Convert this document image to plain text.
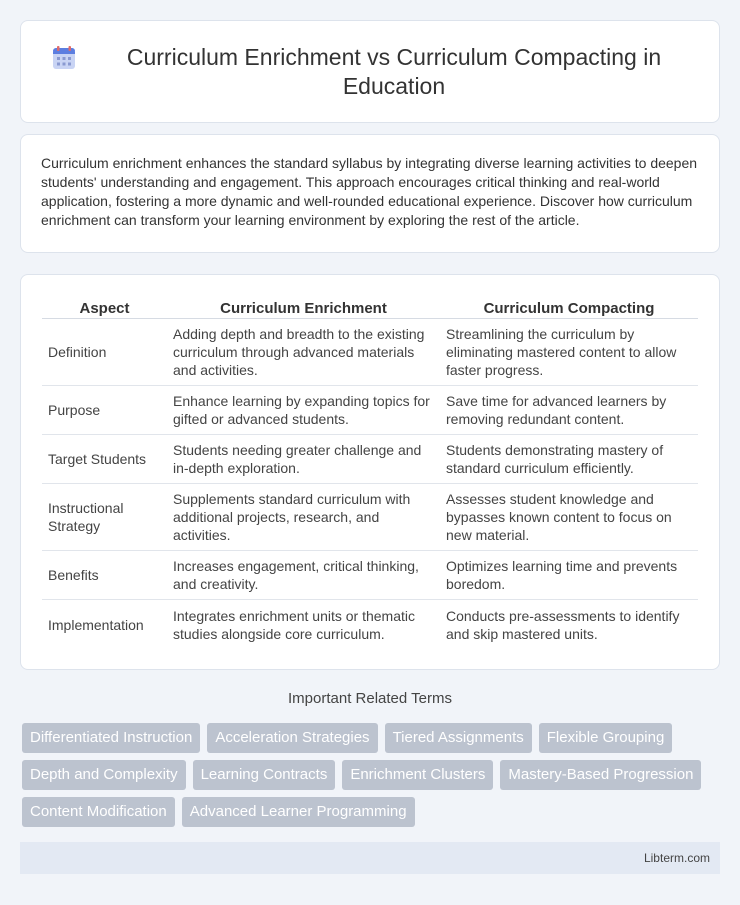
Curriculum Enrichment vs Curriculum Compacting in Education

Curriculum enrichment enhances the standard syllabus by integrating diverse learning activities to deepen students' understanding and engagement. This approach encourages critical thinking and real-world application, fostering a more dynamic and well-rounded educational experience. Discover how curriculum enrichment can transform your learning environment by exploring the rest of the article.

Aspect	Curriculum Enrichment	Curriculum Compacting
Definition	Adding depth and breadth to the existing curriculum through advanced materials and activities.	Streamlining the curriculum by eliminating mastered content to allow faster progress.
Purpose	Enhance learning by expanding topics for gifted or advanced students.	Save time for advanced learners by removing redundant content.
Target Students	Students needing greater challenge and in-depth exploration.	Students demonstrating mastery of standard curriculum efficiently.
Instructional Strategy	Supplements standard curriculum with additional projects, research, and activities.	Assesses student knowledge and bypasses known content to focus on new material.
Benefits	Increases engagement, critical thinking, and creativity.	Optimizes learning time and prevents boredom.
Implementation	Integrates enrichment units or thematic studies alongside core curriculum.	Conducts pre-assessments to identify and skip mastered units.
Important Related Terms
Differentiated Instruction	Acceleration Strategies	Tiered Assignments	Flexible Grouping
Depth and Complexity	Learning Contracts	Enrichment Clusters	Mastery-Based Progression
Content Modification	Advanced Learner Programming
Libterm.com
